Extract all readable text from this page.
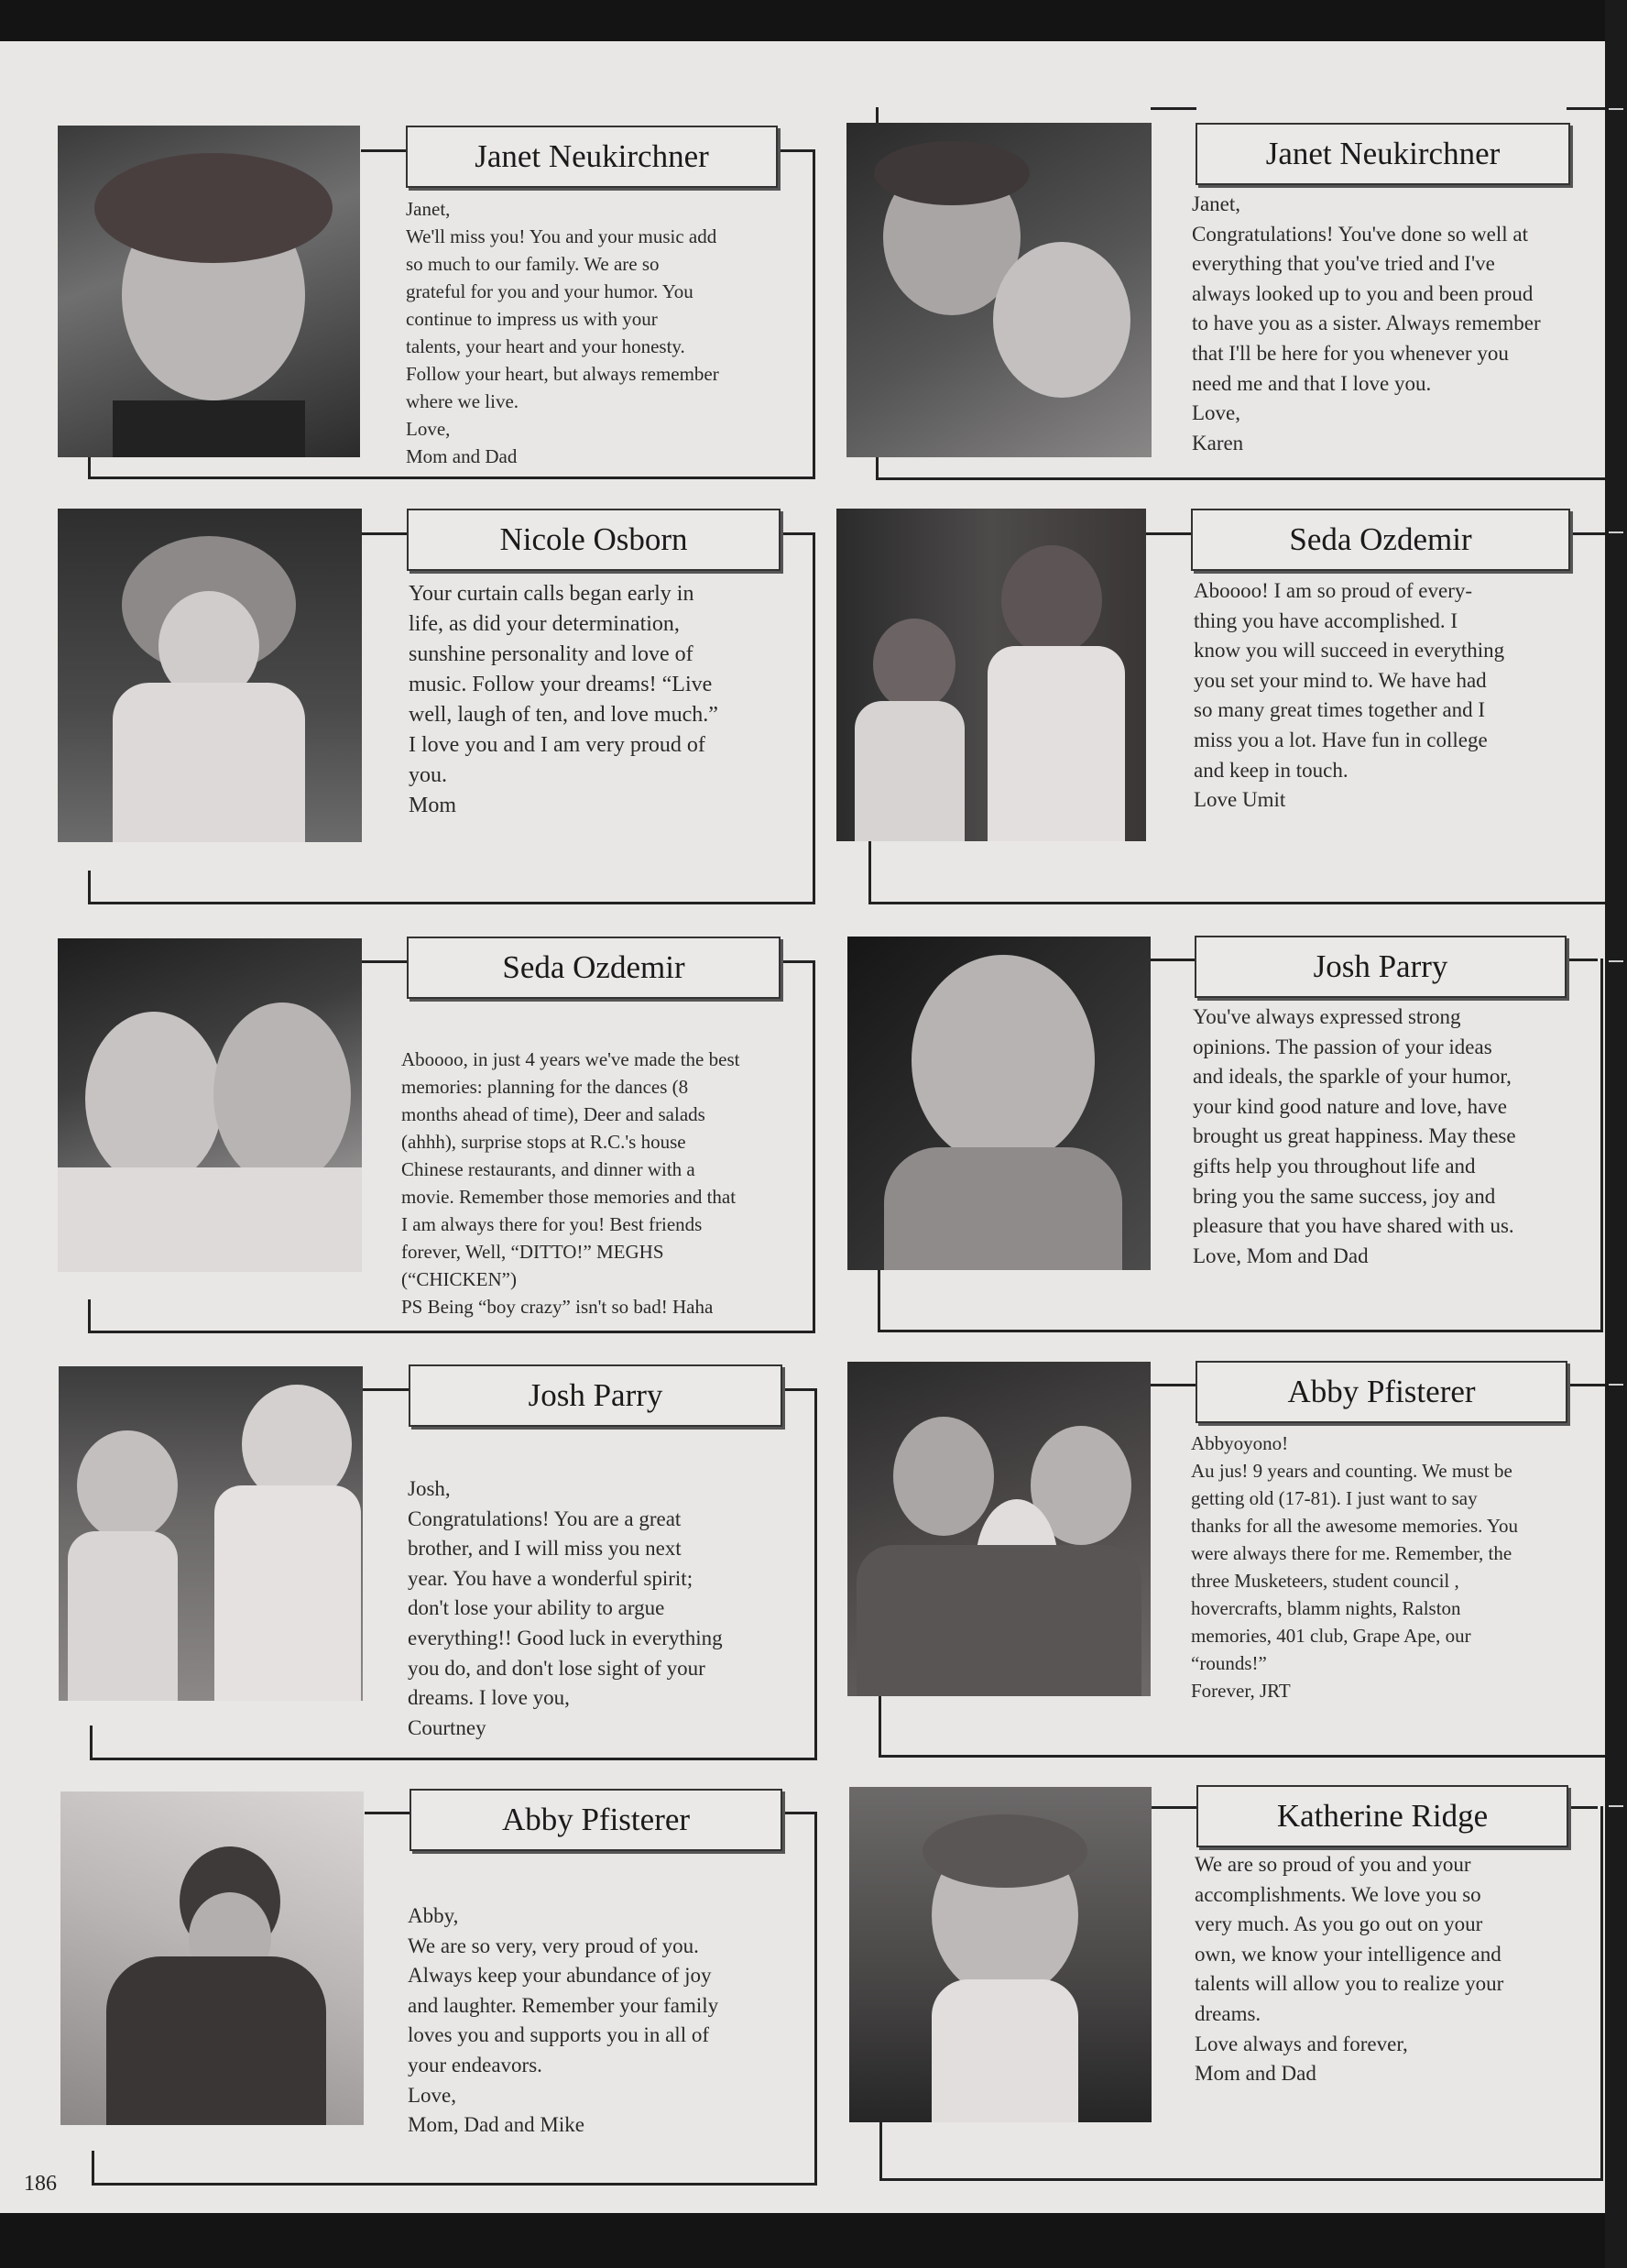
Janet Neukirchner
Janet,
We'll miss you! You and your music add
so much to our family. We are so
grateful for you and your humor. You
continue to impress us with your
talents, your heart and your honesty.
Follow your heart, but always remember
where we live.
Love,
Mom and Dad
Janet Neukirchner
Janet,
Congratulations! You've done so well at
everything that you've tried and I've
always looked up to you and been proud
to have you as a sister. Always remember
that I'll be here for you whenever you
need me and that I love you.
Love,
Karen
Nicole Osborn
Your curtain calls began early in
life, as did your determination,
sunshine personality and love of
music. Follow your dreams! “Live
well, laugh of ten, and love much.”
I love you and I am very proud of
you.
Mom
Seda Ozdemir
Aboooo! I am so proud of every-
thing you have accomplished. I
know you will succeed in everything
you set your mind to. We have had
so many great times together and I
miss you a lot. Have fun in college
and keep in touch.
Love Umit
Seda Ozdemir
Aboooo, in just 4 years we've made the best
memories: planning for the dances (8
months ahead of time), Deer and salads
(ahhh), surprise stops at R.C.'s house
Chinese restaurants, and dinner with a
movie. Remember those memories and that
I am always there for you! Best friends
forever, Well, “DITTO!” MEGHS
(“CHICKEN”)
PS Being “boy crazy” isn't so bad! Haha
Josh Parry
You've always expressed strong
opinions. The passion of your ideas
and ideals, the sparkle of your humor,
your kind good nature and love, have
brought us great happiness. May these
gifts help you throughout life and
bring you the same success, joy and
pleasure that you have shared with us.
Love, Mom and Dad
Josh Parry
Josh,
Congratulations! You are a great
brother, and I will miss you next
year. You have a wonderful spirit;
don't lose your ability to argue
everything!! Good luck in everything
you do, and don't lose sight of your
dreams. I love you,
Courtney
Abby Pfisterer
Abbyoyono!
Au jus! 9 years and counting. We must be
getting old (17-81). I just want to say
thanks for all the awesome memories. You
were always there for me. Remember, the
three Musketeers, student council ,
hovercrafts, blamm nights, Ralston
memories, 401 club, Grape Ape, our
“rounds!”
Forever, JRT
Abby Pfisterer
Abby,
We are so very, very proud of you.
Always keep your abundance of joy
and laughter. Remember your family
loves you and supports you in all of
your endeavors.
Love,
Mom, Dad and Mike
Katherine Ridge
We are so proud of you and your
accomplishments. We love you so
very much. As you go out on your
own, we know your intelligence and
talents will allow you to realize your
dreams.
Love always and forever,
Mom and Dad
186
